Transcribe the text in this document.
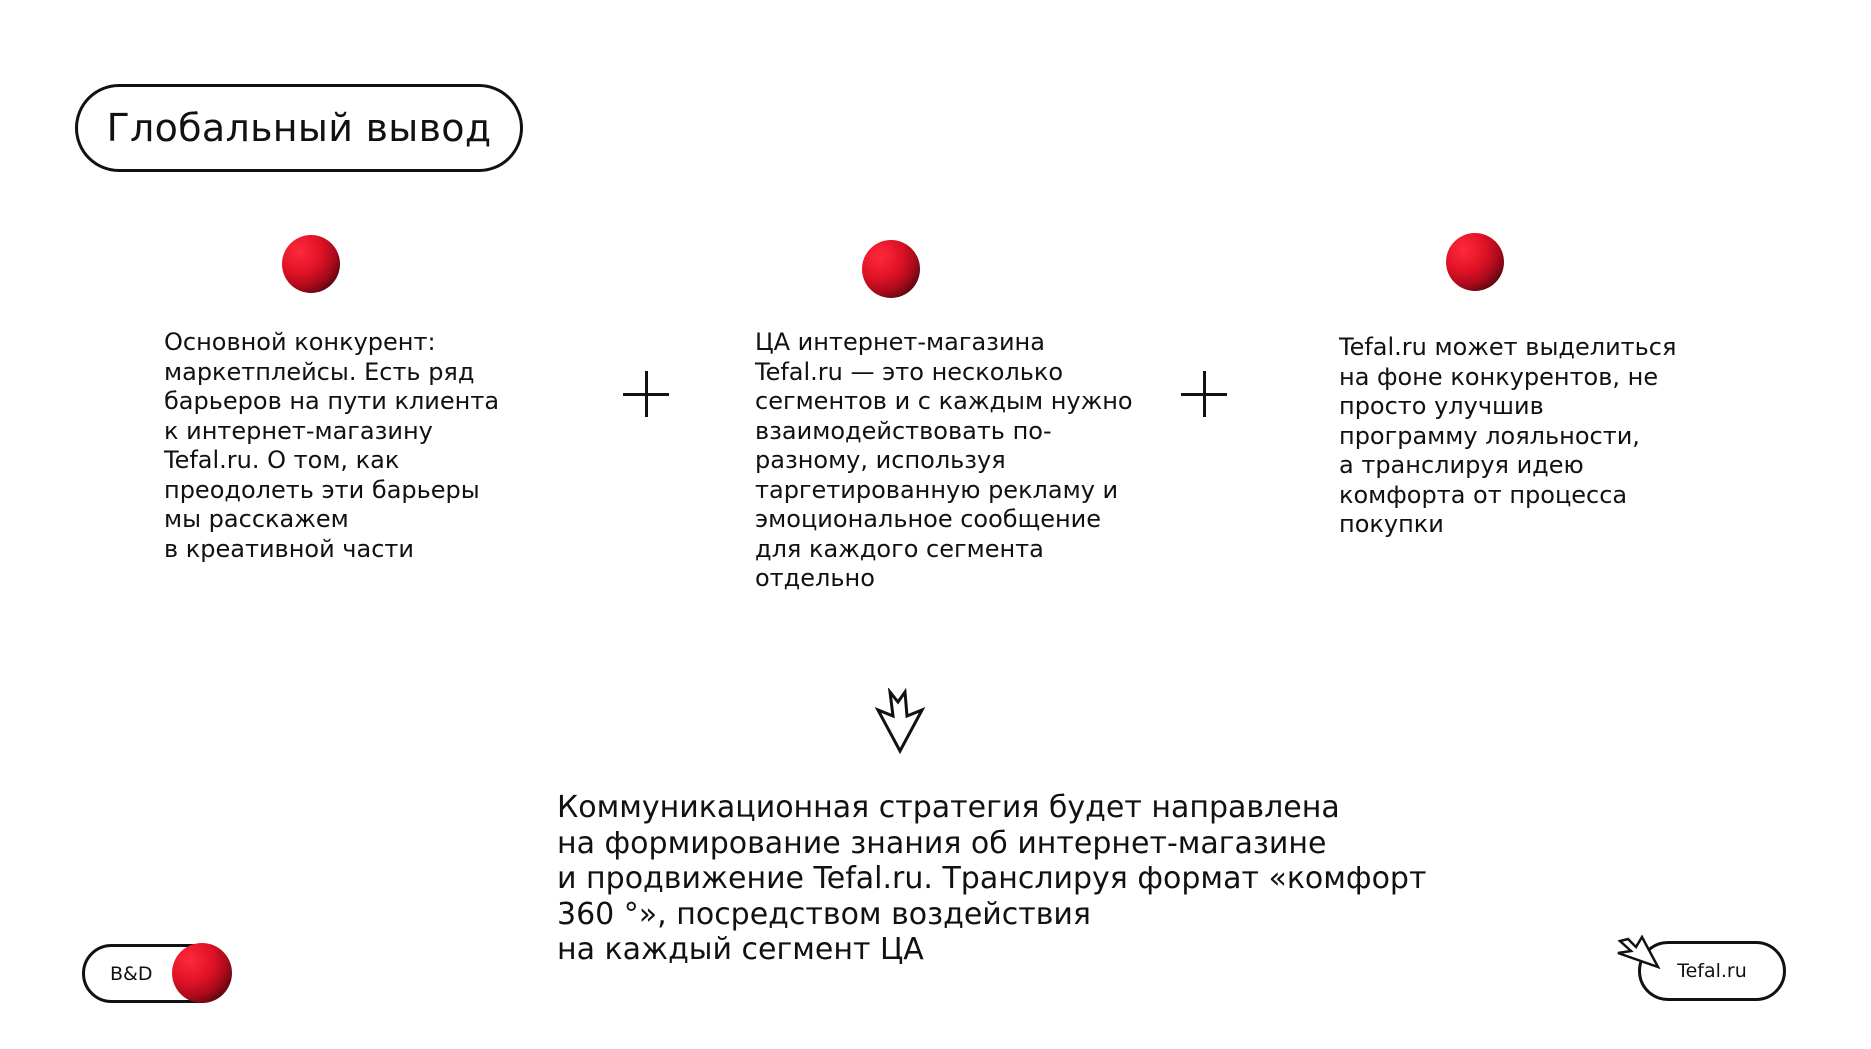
Глобальный вывод

Основной конкурент:
маркетплейсы. Есть ряд
барьеров на пути клиента
к интернет-магазину
Tefal.ru. О том, как
преодолеть эти барьеры
мы расскажем
в креативной части

ЦА интернет-магазина
Tefal.ru — это несколько
сегментов и с каждым нужно
взаимодействовать по-
разному, используя
таргетированную рекламу и
эмоциональное сообщение
для каждого сегмента
отдельно

Tefal.ru может выделиться
на фоне конкурентов, не
просто улучшив
программу лояльности,
а транслируя идею
комфорта от процесса
покупки

Коммуникационная стратегия будет направлена
на формирование знания об интернет-магазине
и продвижение Tefal.ru. Транслируя формат «комфорт
360 °», посредством воздействия
на каждый сегмент ЦА

B&D	Tefal.ru
